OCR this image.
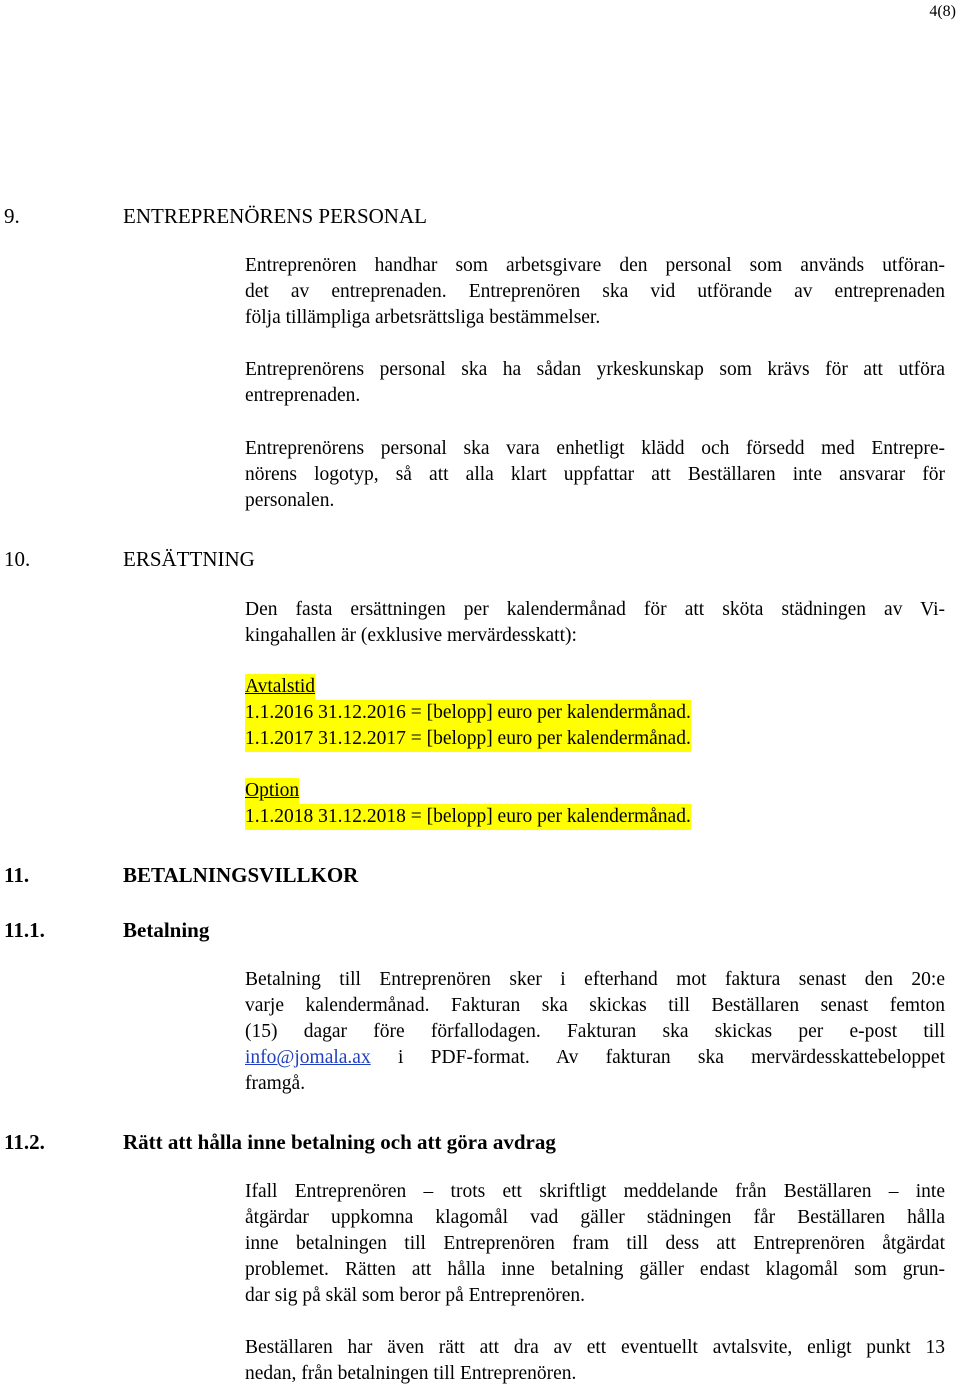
4(8)
9.	ENTREPRENÖRENS PERSONAL
Entreprenören handhar som arbetsgivare den personal som används utföran-
det av entreprenaden. Entreprenören ska vid utförande av entreprenaden
följa tillämpliga arbetsrättsliga bestämmelser.
Entreprenörens personal ska ha sådan yrkeskunskap som krävs för att utföra
entreprenaden.
Entreprenörens personal ska vara enhetligt klädd och försedd med Entrepre-
nörens logotyp, så att alla klart uppfattar att Beställaren inte ansvarar för
personalen.
10.	ERSÄTTNING
Den fasta ersättningen per kalendermånad för att sköta städningen av Vi-
kingahallen är (exklusive mervärdesskatt):
Avtalstid
1.1.2016 31.12.2016 = [belopp] euro per kalendermånad.
1.1.2017 31.12.2017 = [belopp] euro per kalendermånad.
Option
1.1.2018 31.12.2018 = [belopp] euro per kalendermånad.
11.	BETALNINGSVILLKOR
11.1.	Betalning
Betalning till Entreprenören sker i efterhand mot faktura senast den 20:e
varje kalendermånad. Fakturan ska skickas till Beställaren senast femton
(15) dagar före förfallodagen. Fakturan ska skickas per e-post till
info@jomala.ax i PDF-format. Av fakturan ska mervärdesskattebeloppet
framgå.
11.2.	Rätt att hålla inne betalning och att göra avdrag
Ifall Entreprenören – trots ett skriftligt meddelande från Beställaren – inte
åtgärdar uppkomna klagomål vad gäller städningen får Beställaren hålla
inne betalningen till Entreprenören fram till dess att Entreprenören åtgärdat
problemet. Rätten att hålla inne betalning gäller endast klagomål som grun-
dar sig på skäl som beror på Entreprenören.
Beställaren har även rätt att dra av ett eventuellt avtalsvite, enligt punkt 13
nedan, från betalningen till Entreprenören.
